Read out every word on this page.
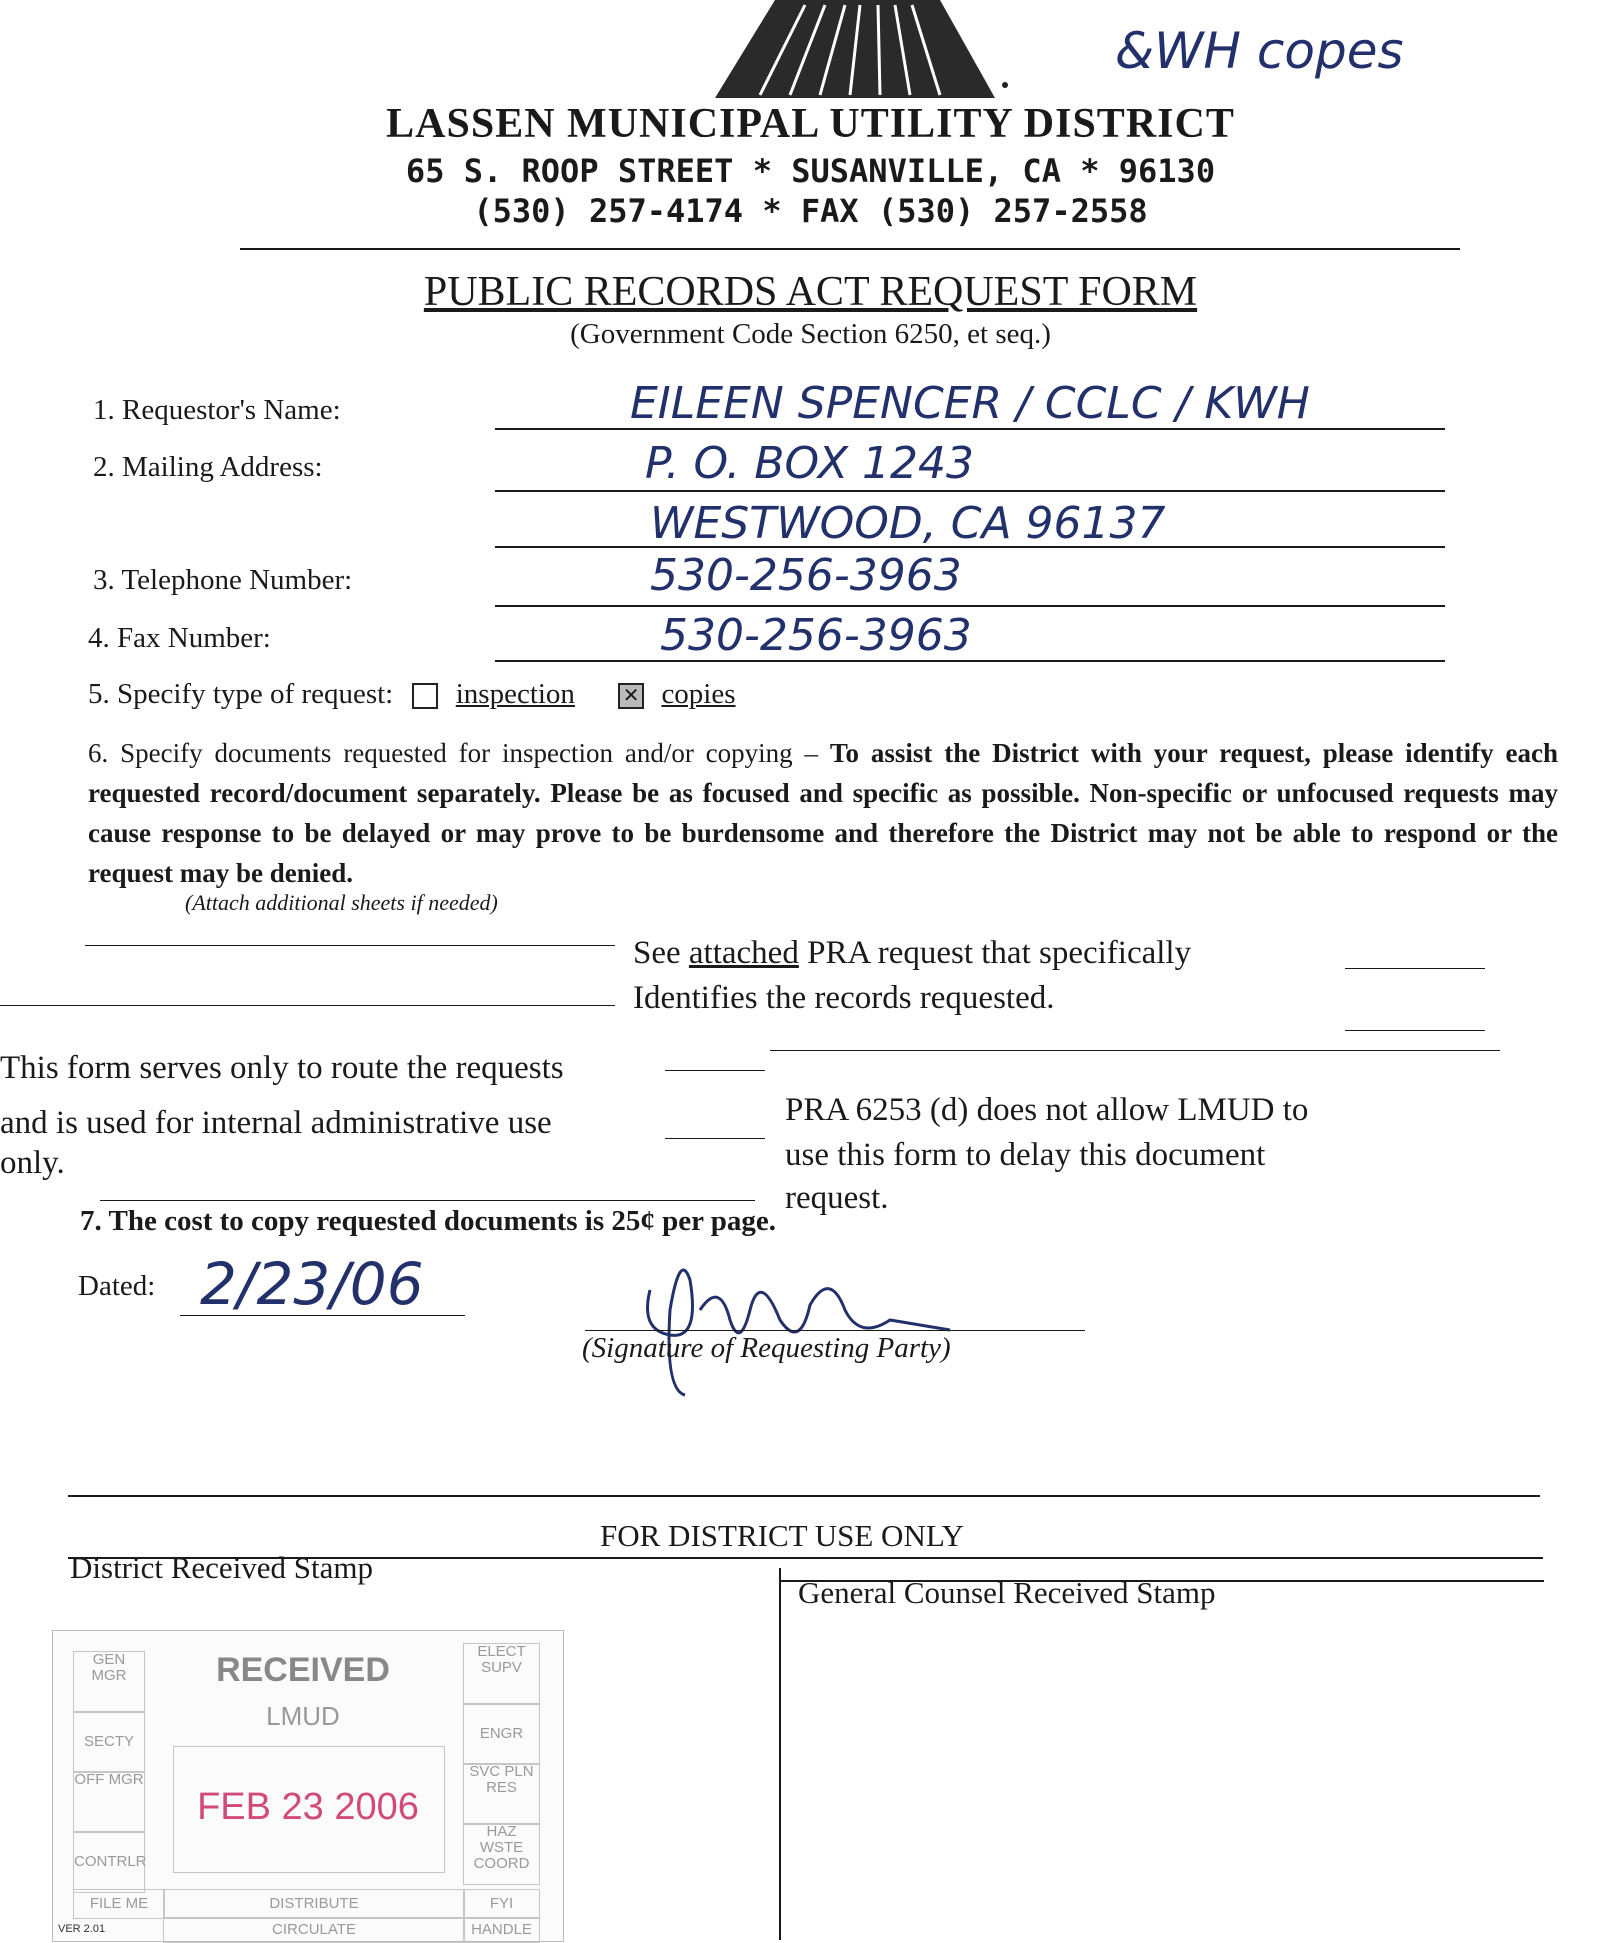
&WH copes
LASSEN MUNICIPAL UTILITY DISTRICT
65 S. ROOP STREET * SUSANVILLE, CA * 96130
(530) 257-4174 * FAX (530) 257-2558
PUBLIC RECORDS ACT REQUEST FORM
(Government Code Section 6250, et seq.)
1. Requestor's Name:	EILEEN SPENCER / CCLC / KWH
2. Mailing Address:	P. O. BOX 1243
WESTWOOD, CA 96137
3. Telephone Number:	530-256-3963
4. Fax Number:	530-256-3963
5. Specify type of request: inspection ✕ copies
6. Specify documents requested for inspection and/or copying – To assist the District with your request, please identify each requested record/document separately. Please be as focused and specific as possible. Non-specific or unfocused requests may cause response to be delayed or may prove to be burdensome and therefore the District may not be able to respond or the request may be denied.
(Attach additional sheets if needed)
See attached PRA request that specifically
Identifies the records requested.
This form serves only to route the requests
and is used for internal administrative use
only.
PRA 6253 (d) does not allow LMUD to
use this form to delay this document
request.
7. The cost to copy requested documents is 25¢ per page.
Dated: 2/23/06
(Signature of Requesting Party)
FOR DISTRICT USE ONLY
District Received Stamp
General Counsel Received Stamp
GEN MGR
SECTY
OFF MGR
CONTRLR
ELECT SUPV
ENGR
SVC PLN RES
HAZ WSTE COORD
RECEIVED
LMUD
FEB 23 2006
FILE ME	DISTRIBUTE
CIRCULATE
FYI
HANDLE
VER 2.01
